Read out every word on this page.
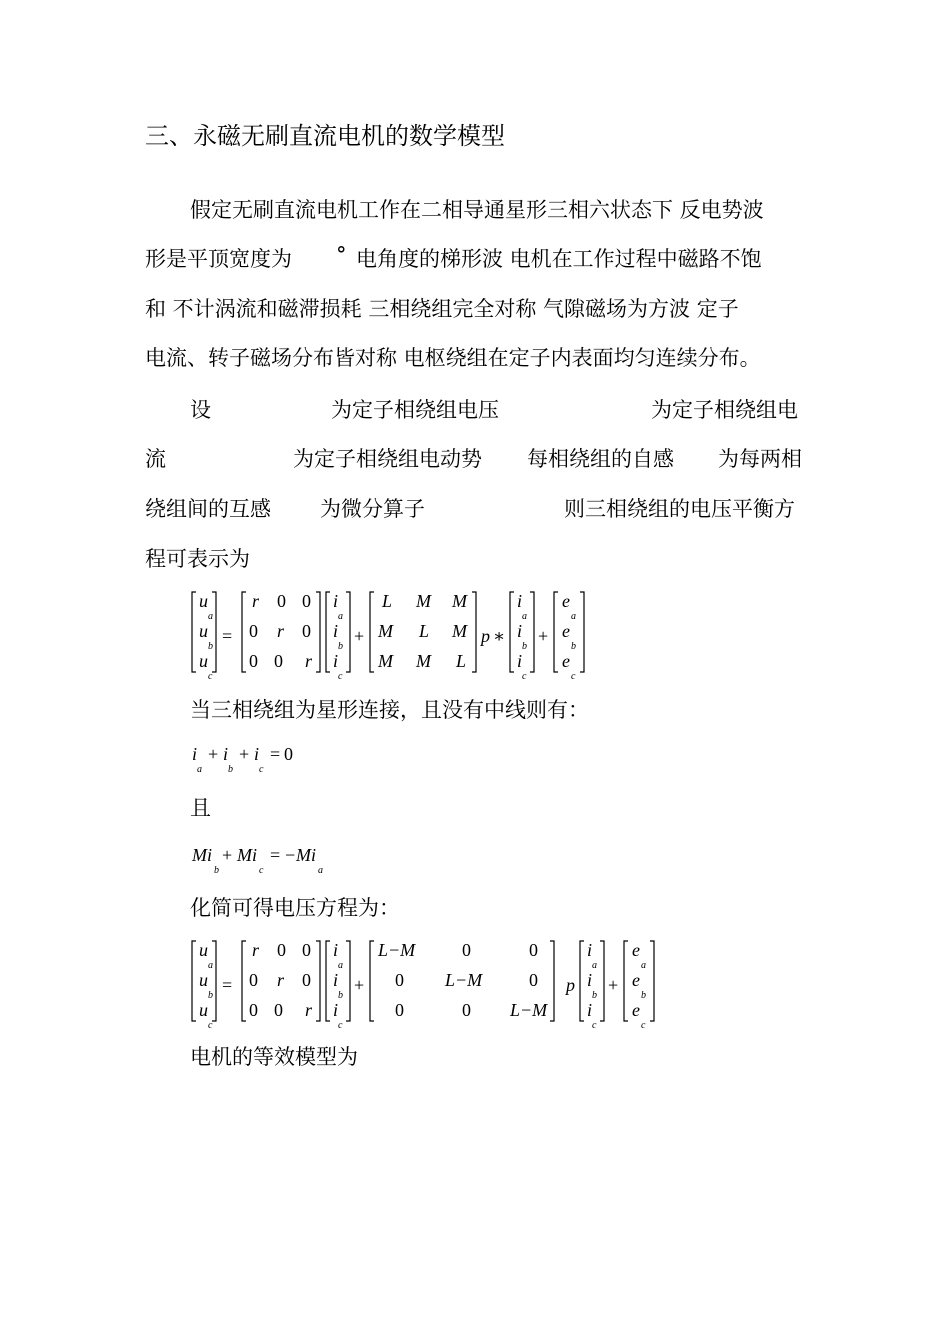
三、永磁无刷直流电机的数学模型
假定无刷直流电机工作在二相导通星形三相六状态下 反电势波
形是平顶宽度为 ° 电角度的梯形波 电机在工作过程中磁路不饱
和 不计涡流和磁滞损耗 三相绕组完全对称 气隙磁场为方波 定子
电流、转子磁场分布皆对称 电枢绕组在定子内表面均匀连续分布。
设	为定子相绕组电压	为定子相绕组电
流	为定子相绕组电动势 每相绕组的自感 为每两相
绕组间的互感 为微分算子	则三相绕组的电压平衡方
程可表示为
u
a
u
b
u
c
=
r 0 0
0 r 0
0 0 r
i
a
i
b
i
c
+
L M M
M L M
M M L
p ∗
i
a
i
b
i
c
+
e
a
e
b
e
c
当三相绕组为星形连接，且没有中线则有：
i
a
+ i
b
+ i
c
= 0
且
Mi
b
+ Mi
c
= − Mi
a
化简可得电压方程为：
u
a
u
b
u
c
=
r 0 0
0 r 0
0 0 r
i
a
i
b
i
c
+
L−M	0	0
0 L−M	0
0	0 L−M
p
i
a
i
b
i
c
+
e
a
e
b
e
c
电机的等效模型为
